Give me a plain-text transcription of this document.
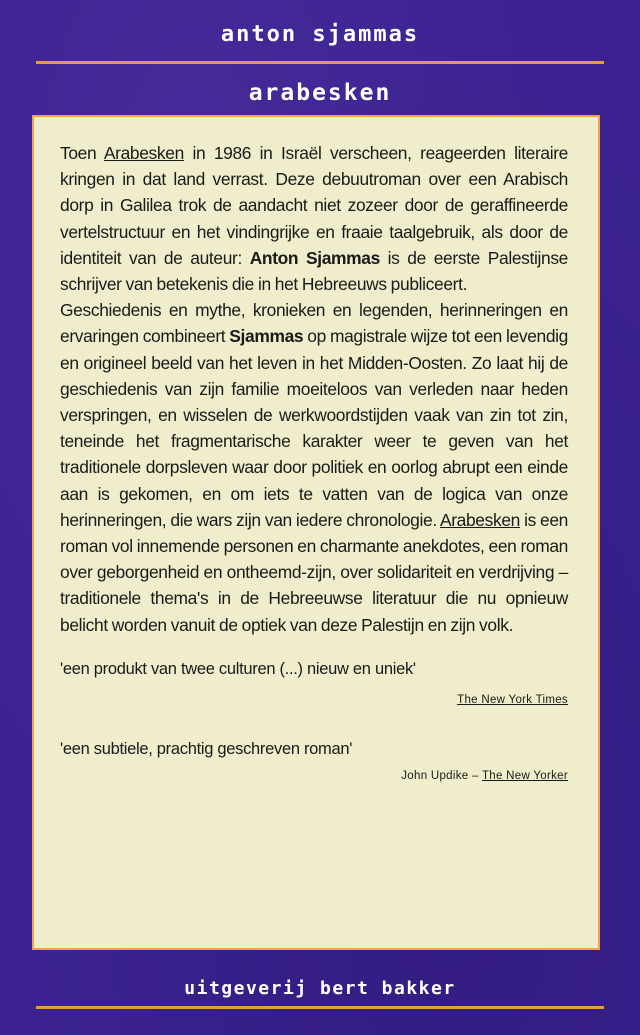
anton sjammas
arabesken

Toen Arabesken in 1986 in Israël verscheen, reageerden literaire kringen in dat land verrast. Deze debuutroman over een Arabisch dorp in Galilea trok de aandacht niet zozeer door de geraffineerde vertelstructuur en het vindingrijke en fraaie taalgebruik, als door de identiteit van de auteur: Anton Sjammas is de eerste Palestijnse schrijver van betekenis die in het Hebreeuws publiceert.

Geschiedenis en mythe, kronieken en legenden, herinneringen en ervaringen combineert Sjammas op magistrale wijze tot een levendig en origineel beeld van het leven in het Midden-Oosten. Zo laat hij de geschiedenis van zijn familie moeiteloos van verleden naar heden verspringen, en wisselen de werkwoordstijden vaak van zin tot zin, teneinde het fragmentarische karakter weer te geven van het traditionele dorpsleven waar door politiek en oorlog abrupt een einde aan is gekomen, en om iets te vatten van de logica van onze herinneringen, die wars zijn van iedere chronologie. Arabesken is een roman vol innemende personen en charmante anekdotes, een roman over geborgenheid en ontheemd-zijn, over solidariteit en verdrijving – traditionele thema's in de Hebreeuwse literatuur die nu opnieuw belicht worden vanuit de optiek van deze Palestijn en zijn volk.

'een produkt van twee culturen (...) nieuw en uniek'
The New York Times
'een subtiele, prachtig geschreven roman'
John Updike – The New Yorker
uitgeverij bert bakker
